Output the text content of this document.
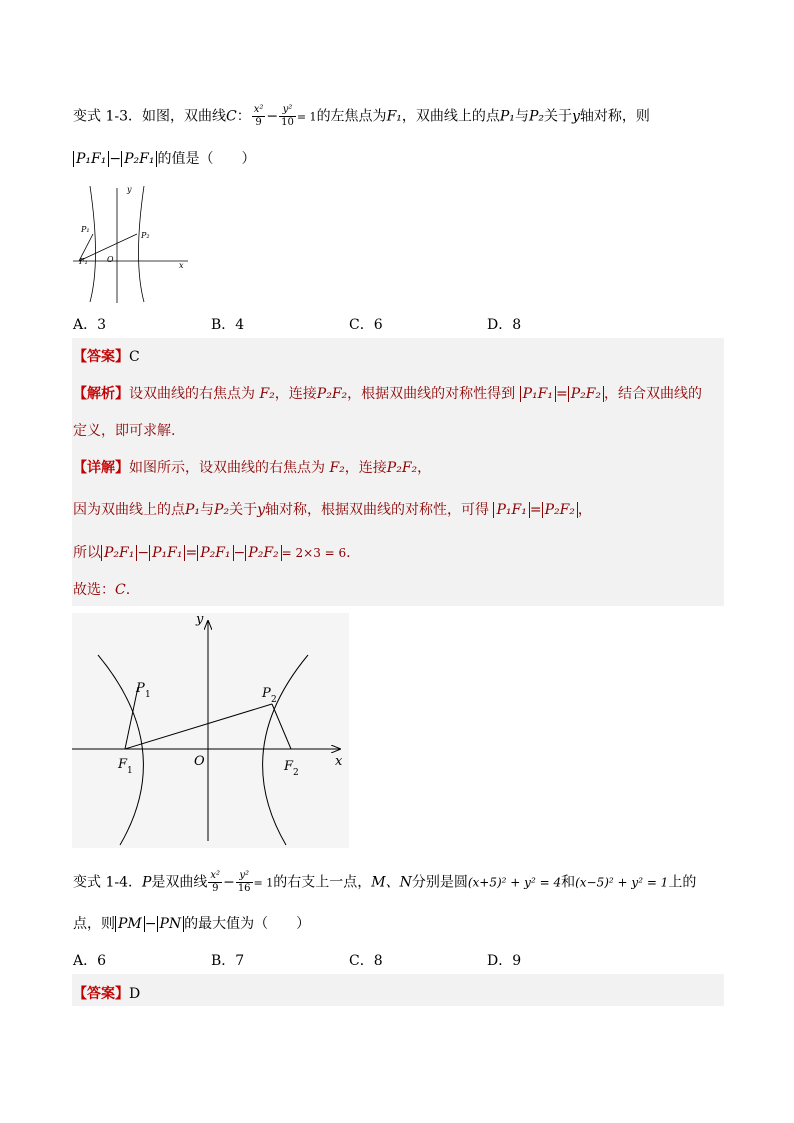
变式 1-3．如图，双曲线C： $\frac{\text{x²}}{9} - \frac{\text{y²}}{10} = 1$的左焦点为F₁，双曲线上的点P₁与P₂关于y轴对称，则
P₁F₁ − P₂F₁ 的值是（　　）
y
x
O
P₁
P₂
F₁
A．3	B．4	C．6	D．8
【答案】C
【解析】设双曲线的右焦点为 F₂，连接P₂F₂，根据双曲线的对称性得到 P₁F₁ = P₂F₂ ，结合双曲线的
定义，即可求解.
【详解】如图所示，设双曲线的右焦点为 F₂，连接P₂F₂，
因为双曲线上的点P₁与P₂关于y轴对称，根据双曲线的对称性，可得 P₁F₁ = P₂F₂ ，
所以 P₂F₁ − P₁F₁ = P₂F₁ − P₂F₂ = 2×3 = 6.
故选：C.
y
x
O
P 1	P 2
F 1	F 2
变式 1-4．P是双曲线 $\frac{\text{x²}}{9} - \frac{\text{y²}}{16} = 1$的右支上一点，M、N分别是圆(x+5)² + y² = 4和(x−5)² + y² = 1上的
点，则 PM − PN 的最大值为（　　）
A．6	B．7	C．8	D．9
【答案】D
